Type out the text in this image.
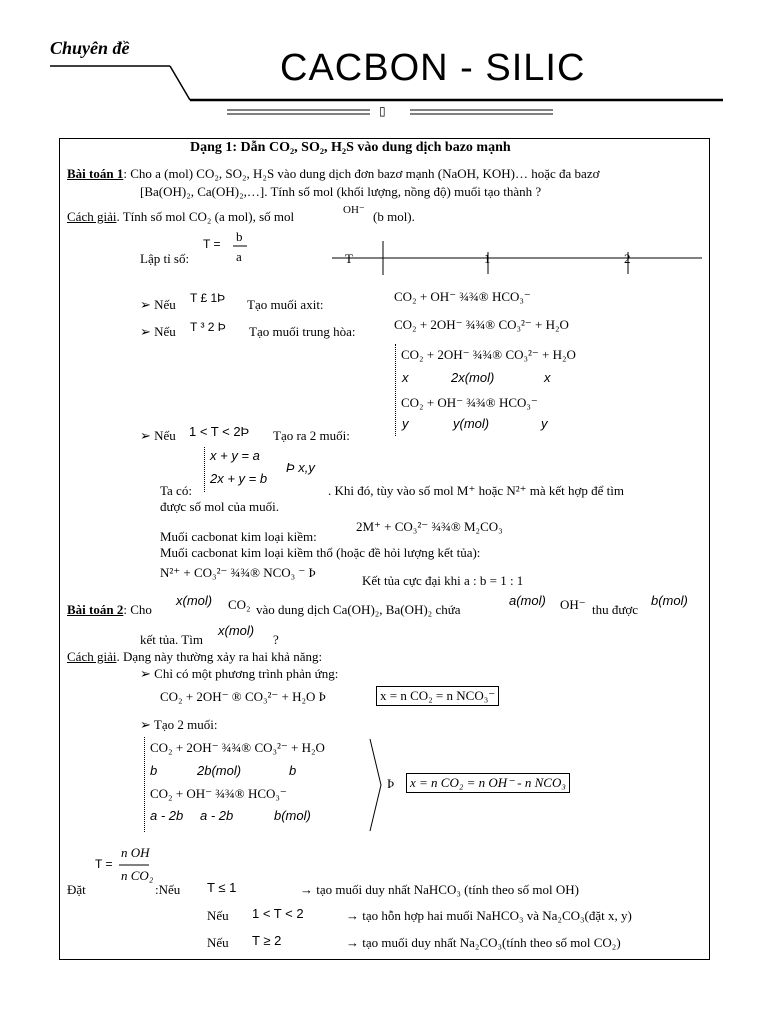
Chuyên đề	CACBON - SILIC
▯
Dạng 1: Dẫn CO₂, SO₂, H₂S vào dung dịch bazo mạnh
Bài toán 1: Cho a (mol) CO₂, SO₂, H₂S vào dung dịch đơn bazơ mạnh (NaOH, KOH)… hoặc đa bazơ
[Ba(OH)₂, Ca(OH)₂,…]. Tính số mol (khối lượng, nồng độ) muối tạo thành ?
Cách giải. Tính số mol CO₂ (a mol), số mol	OH⁻ (b mol).
Lập tỉ số:
T = b
a	T	1	2
➢ Nếu T £ 1Þ Tạo muối axit:
CO₂ + OH⁻ ¾¾® HCO₃⁻
➢ Nếu T ³ 2 Þ Tạo muối trung hòa:	CO₂ + 2OH⁻ ¾¾® CO₃²⁻ + H₂O
CO₂ + 2OH⁻ ¾¾® CO₃²⁻ + H₂O
x	2x(mol)	x
CO₂ + OH⁻ ¾¾® HCO₃⁻
y	y(mol)	y
➢ Nếu 1 < T < 2Þ Tạo ra 2 muối:
x + y = a
2x + y = b
Þ x,y
Ta có:	. Khi đó, tùy vào số mol M⁺ hoặc N²⁺ mà kết hợp để tìm
được số mol của muối.
Muối cacbonat kim loại kiềm:
2M⁺ + CO₃²⁻ ¾¾® M₂CO₃
Muối cacbonat kim loại kiềm thổ (hoặc đề hỏi lượng kết tủa):
N²⁺ + CO₃²⁻ ¾¾® NCO₃ ⁻ Þ
Kết tủa cực đại khi a : b = 1 : 1
Bài toán 2: Cho
x(mol) CO₂ vào dung dịch Ca(OH)₂, Ba(OH)₂ chứa
a(mol) OH⁻ thu được
b(mol)
kết tủa. Tìm
x(mol)
?
Cách giải. Dạng này thường xảy ra hai khả năng:
➢ Chỉ có một phương trình phản ứng:
CO₂ + 2OH⁻ ® CO₃²⁻ + H₂O Þ	x = n CO₂ = n NCO₃⁻
➢ Tạo 2 muối:
CO₂ + 2OH⁻ ¾¾® CO₃²⁻ + H₂O
b	2b(mol)	b
CO₂ + OH⁻ ¾¾® HCO₃⁻
a - 2b a - 2b	b(mol)
Þ	x = n CO₂ = n OH⁻ - n NCO₃
T =
n OH
n CO₂
Đặt	:Nếu T ≤ 1	→ tạo muối duy nhất NaHCO₃ (tính theo số mol OH)
Nếu 1 < T < 2	→ tạo hỗn hợp hai muối NaHCO₃ và Na₂CO₃(đặt x, y)
Nếu T ≥ 2	→ tạo muối duy nhất Na₂CO₃(tính theo số mol CO₂)
